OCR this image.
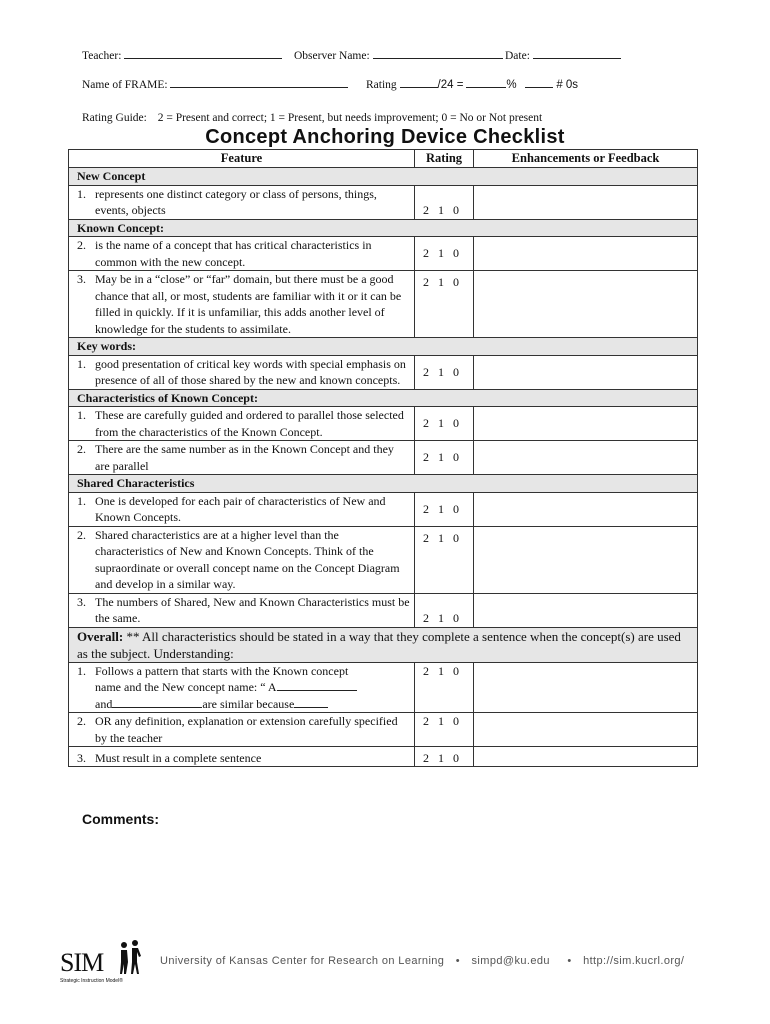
Teacher:	Observer Name:	Date:
Name of FRAME:	Rating	/24 =	%	# 0s
Rating Guide: 2 = Present and correct; 1 = Present, but needs improvement; 0 = No or Not present
Concept Anchoring Device Checklist
Feature	Rating	Enhancements or Feedback
New Concept		

1. represents one distinct category or class of persons, things, events, objects	2 1 0	
Known Concept:		

2. is the name of a concept that has critical characteristics in common with the new concept.	2 1 0	

3. May be in a “close” or “far” domain, but there must be a good chance that all, or most, students are familiar with it or it can be filled in quickly. If it is unfamiliar, this adds another level of knowledge for the students to assimilate.	2 1 0	
Key words:		

1. good presentation of critical key words with special emphasis on presence of all of those shared by the new and known concepts.	2 1 0	
Characteristics of Known Concept:		

1. These are carefully guided and ordered to parallel those selected from the characteristics of the Known Concept.	2 1 0	

2. There are the same number as in the Known Concept and they are parallel	2 1 0	
Shared Characteristics		

1. One is developed for each pair of characteristics of New and Known Concepts.	2 1 0	

2. Shared characteristics are at a higher level than the characteristics of New and Known Concepts. Think of the supraordinate or overall concept name on the Concept Diagram and develop in a similar way.	2 1 0	

3. The numbers of Shared, New and Known Characteristics must be the same.	2 1 0	
Overall: ** All characteristics should be stated in a way that they complete a sentence when the concept(s) are used as the subject. Understanding:		

1. Follows a pattern that starts with the Known concept
name and the New concept name: “ A
and are similar because	2 1 0	

2. OR any definition, explanation or extension carefully specified by the teacher	2 1 0	

3. Must result in a complete sentence	2 1 0	
Comments:
SIM
Strategic Instruction Model®
University of Kansas Center for Research on Learning • simpd@ku.edu • http://sim.kucrl.org/
